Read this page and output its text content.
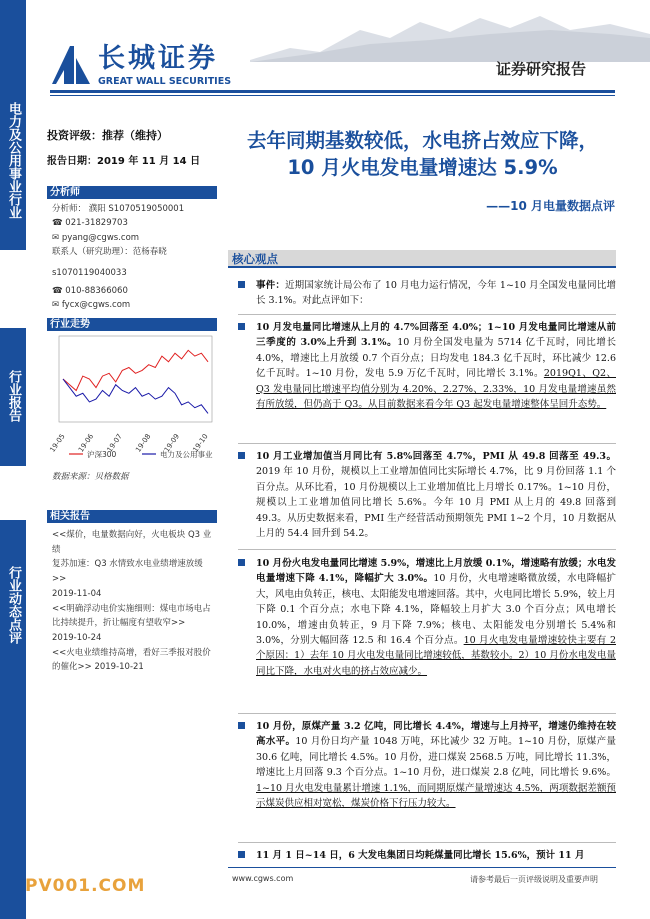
电力及公用事业行业
行业报告
行业动态点评
长城证券
GREAT WALL SECURITIES
证券研究报告
投资评级：推荐（维持）
报告日期：2019 年 11 月 14 日
分析师
分析师： 濮阳 S1070519050001
☎ 021-31829703
✉ pyang@cgws.com
联系人（研究助理）：范杨春晓
s1070119040033
☎ 010-88366060
✉ fycx@cgws.com
行业走势
19-05 19-06 19-07 19-08 19-09 19-10
沪深300	电力及公用事业
数据来源：贝格数据
相关报告
<<煤价，电量数据向好，火电板块 Q3 业绩
复苏加速：Q3 水情致水电业绩增速放缓>>
2019-11-04
<<明确浮动电价实施细则：煤电市场电占
比持续提升，折让幅度有望收窄>>
2019-10-24
<<火电业绩维持高增，看好三季报对股价
的催化>> 2019-10-21
去年同期基数较低，水电挤占效应下降，
10 月火电发电量增速达 5.9%
——10 月电量数据点评
核心观点
事件：近期国家统计局公布了 10 月电力运行情况，今年 1~10 月全国发电量同比增长 3.1%。对此点评如下：
10 月发电量同比增速从上月的 4.7%回落至 4.0%；1~10 月发电量同比增速从前三季度的 3.0%上升到 3.1%。10 月份全国发电量为 5714 亿千瓦时，同比增长 4.0%，增速比上月放缓 0.7 个百分点；日均发电 184.3 亿千瓦时，环比减少 12.6 亿千瓦时。1~10 月份，发电 5.9 万亿千瓦时，同比增长 3.1%。2019Q1、Q2、Q3 发电量同比增速平均值分别为 4.20%、2.27%、2.33%，10 月发电量增速虽然有所放缓，但仍高于 Q3。从目前数据来看今年 Q3 起发电量增速整体呈回升态势。
10 月工业增加值当月同比有 5.8%回落至 4.7%，PMI 从 49.8 回落至 49.3。2019 年 10 月份，规模以上工业增加值同比实际增长 4.7%，比 9 月份回落 1.1 个百分点。从环比看，10 月份规模以上工业增加值比上月增长 0.17%。1~10 月份，规模以上工业增加值同比增长 5.6%。今年 10 月 PMI 从上月的 49.8 回落到 49.3。从历史数据来看，PMI 生产经营活动预期领先 PMI 1~2 个月，10 月数据从上月的 54.4 回升到 54.2。
10 月份火电发电量同比增速 5.9%，增速比上月放缓 0.1%，增速略有放缓；水电发电量增速下降 4.1%，降幅扩大 3.0%。10 月份，火电增速略微放缓，水电降幅扩大，风电由负转正，核电、太阳能发电增速回落。其中，火电同比增长 5.9%，较上月下降 0.1 个百分点；水电下降 4.1%，降幅较上月扩大 3.0 个百分点；风电增长 10.0%，增速由负转正，9 月下降 7.9%；核电、太阳能发电分别增长 5.4%和 3.0%，分别大幅回落 12.5 和 16.4 个百分点。10 月火电发电量增速较快主要有 2 个原因：1）去年 10 月火电发电量同比增速较低，基数较小。2）10 月份水电发电量同比下降，水电对火电的挤占效应减少。
10 月份，原煤产量 3.2 亿吨，同比增长 4.4%，增速与上月持平，增速仍维持在较高水平。10 月份日均产量 1048 万吨，环比减少 32 万吨。1~10 月份，原煤产量 30.6 亿吨，同比增长 4.5%。10 月份，进口煤炭 2568.5 万吨，同比增长 11.3%，增速比上月回落 9.3 个百分点。1~10 月份，进口煤炭 2.8 亿吨，同比增长 9.6%。1~10 月火电发电量累计增速 1.1%，而同期原煤产量增速达 4.5%，两项数据差额预示煤炭供应相对宽松，煤炭价格下行压力较大。
11 月 1 日~14 日，6 大发电集团日均耗煤量同比增长 15.6%，预计 11 月
www.cgws.com	请参考最后一页评级说明及重要声明
PV001.COM
